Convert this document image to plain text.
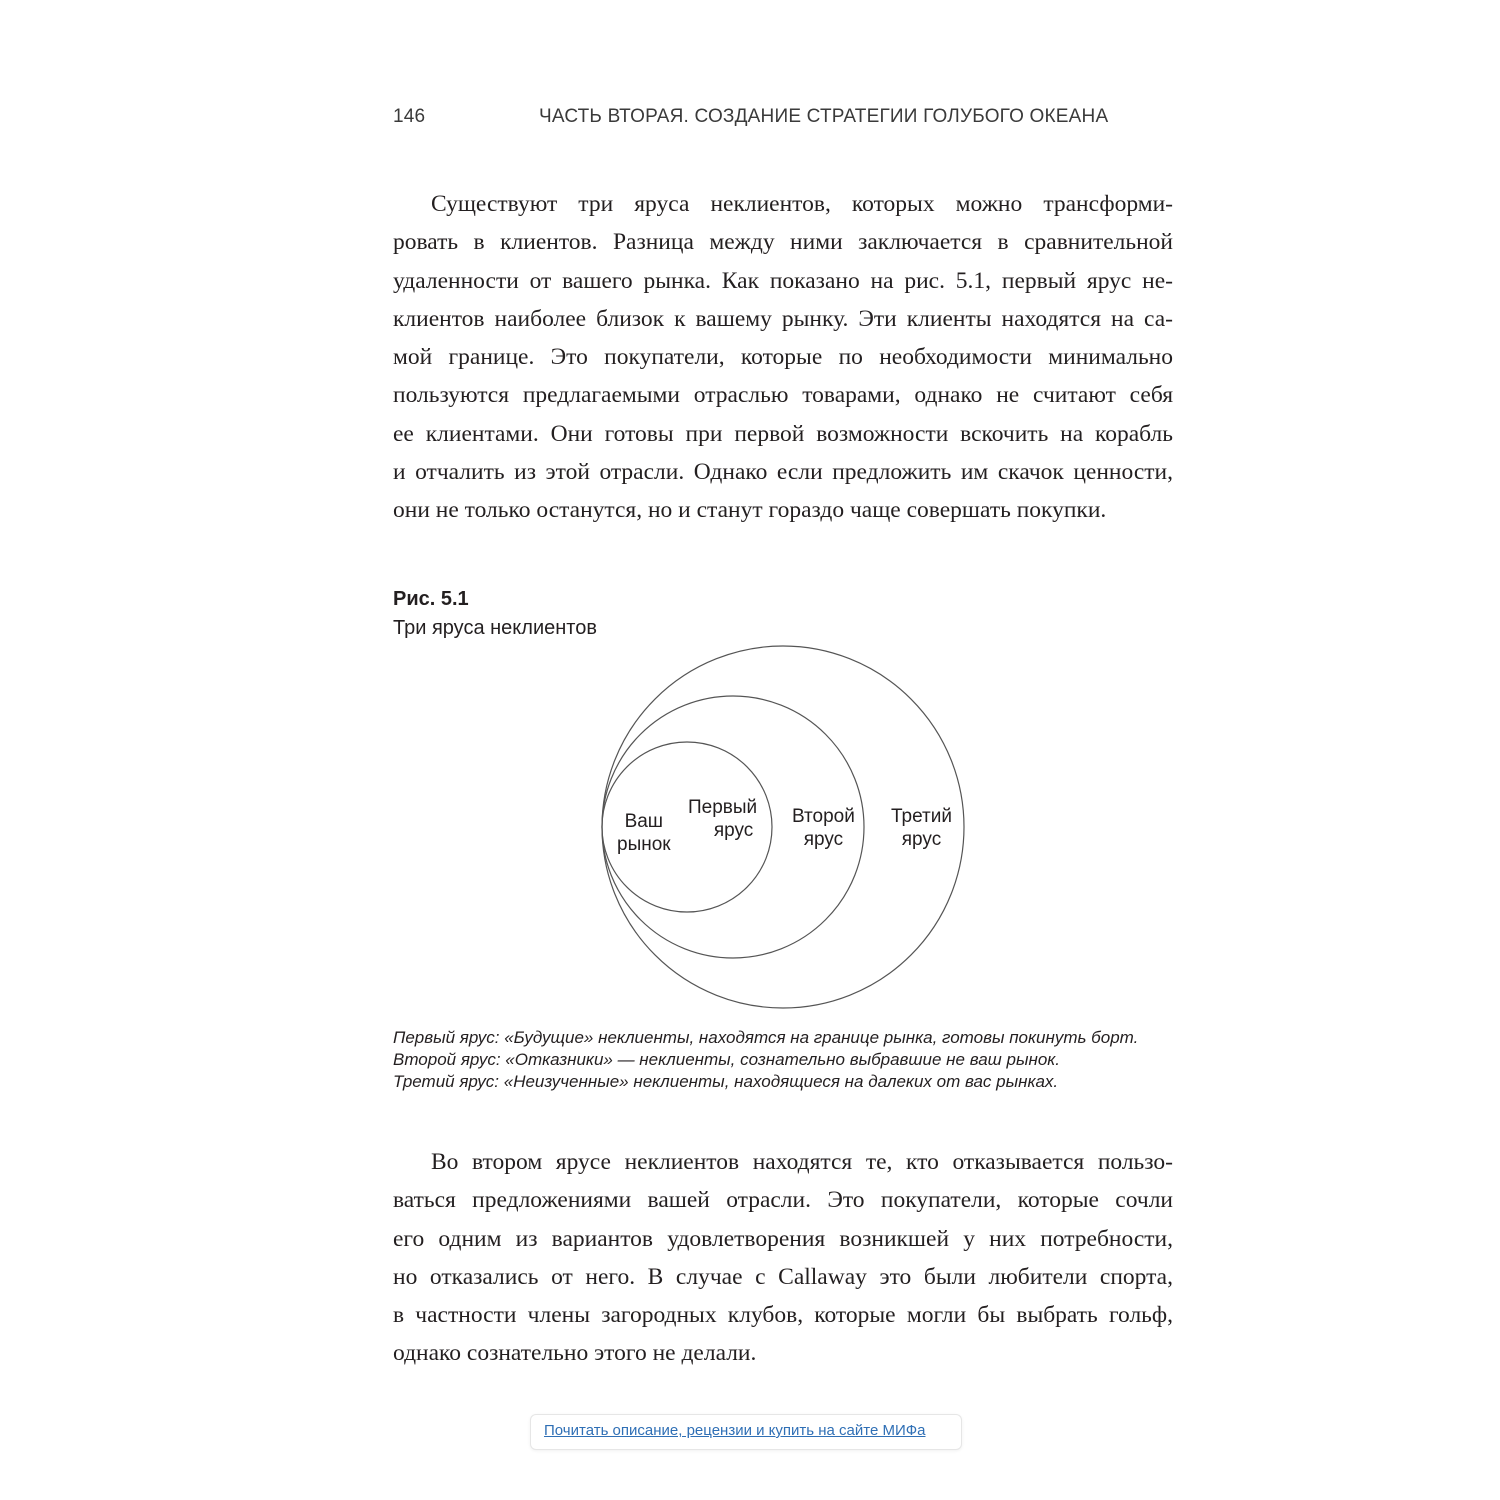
146	ЧАСТЬ ВТОРАЯ. СОЗДАНИЕ СТРАТЕГИИ ГОЛУБОГО ОКЕАНА
Существуют три яруса неклиентов, которых можно трансформи-
ровать в клиентов. Разница между ними заключается в сравнительной
удаленности от вашего рынка. Как показано на рис. 5.1, первый ярус не-
клиентов наиболее близок к вашему рынку. Эти клиенты находятся на са-
мой границе. Это покупатели, которые по необходимости минимально
пользуются предлагаемыми отраслью товарами, однако не считают себя
ее клиентами. Они готовы при первой возможности вскочить на корабль
и отчалить из этой отрасли. Однако если предложить им скачок ценности,
они не только останутся, но и станут гораздо чаще совершать покупки.
Рис. 5.1
Три яруса неклиентов
Ваш
рынок
Первый
ярус
Второй
ярус
Третий
ярус
Первый ярус: «Будущие» неклиенты, находятся на границе рынка, готовы покинуть борт.
Второй ярус: «Отказники» — неклиенты, сознательно выбравшие не ваш рынок.
Третий ярус: «Неизученные» неклиенты, находящиеся на далеких от вас рынках.
Во втором ярусе неклиентов находятся те, кто отказывается пользо-
ваться предложениями вашей отрасли. Это покупатели, которые сочли
его одним из вариантов удовлетворения возникшей у них потребности,
но отказались от него. В случае с Callaway это были любители спорта,
в частности члены загородных клубов, которые могли бы выбрать гольф,
однако сознательно этого не делали.
Почитать описание, рецензии и купить на сайте МИФа
